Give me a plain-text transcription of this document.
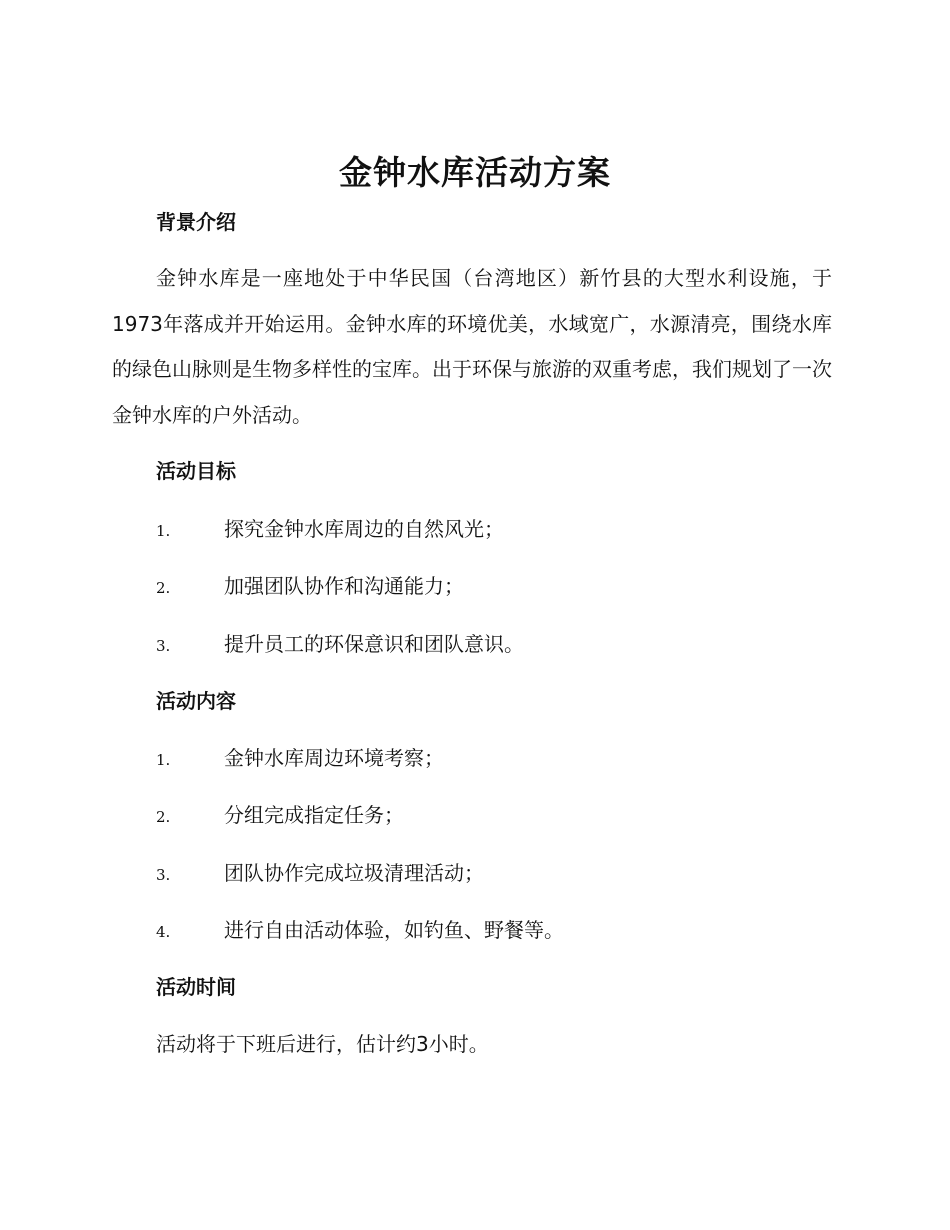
金钟水库活动方案
背景介绍
金钟水库是一座地处于中华民国（台湾地区）新竹县的大型水利设施，于1973年落成并开始运用。金钟水库的环境优美，水域宽广，水源清亮，围绕水库的绿色山脉则是生物多样性的宝库。出于环保与旅游的双重考虑，我们规划了一次金钟水库的户外活动。
活动目标
1.	探究金钟水库周边的自然风光；
2.	加强团队协作和沟通能力；
3.	提升员工的环保意识和团队意识。
活动内容
1.	金钟水库周边环境考察；
2.	分组完成指定任务；
3.	团队协作完成垃圾清理活动；
4.	进行自由活动体验，如钓鱼、野餐等。
活动时间
活动将于下班后进行，估计约3小时。
